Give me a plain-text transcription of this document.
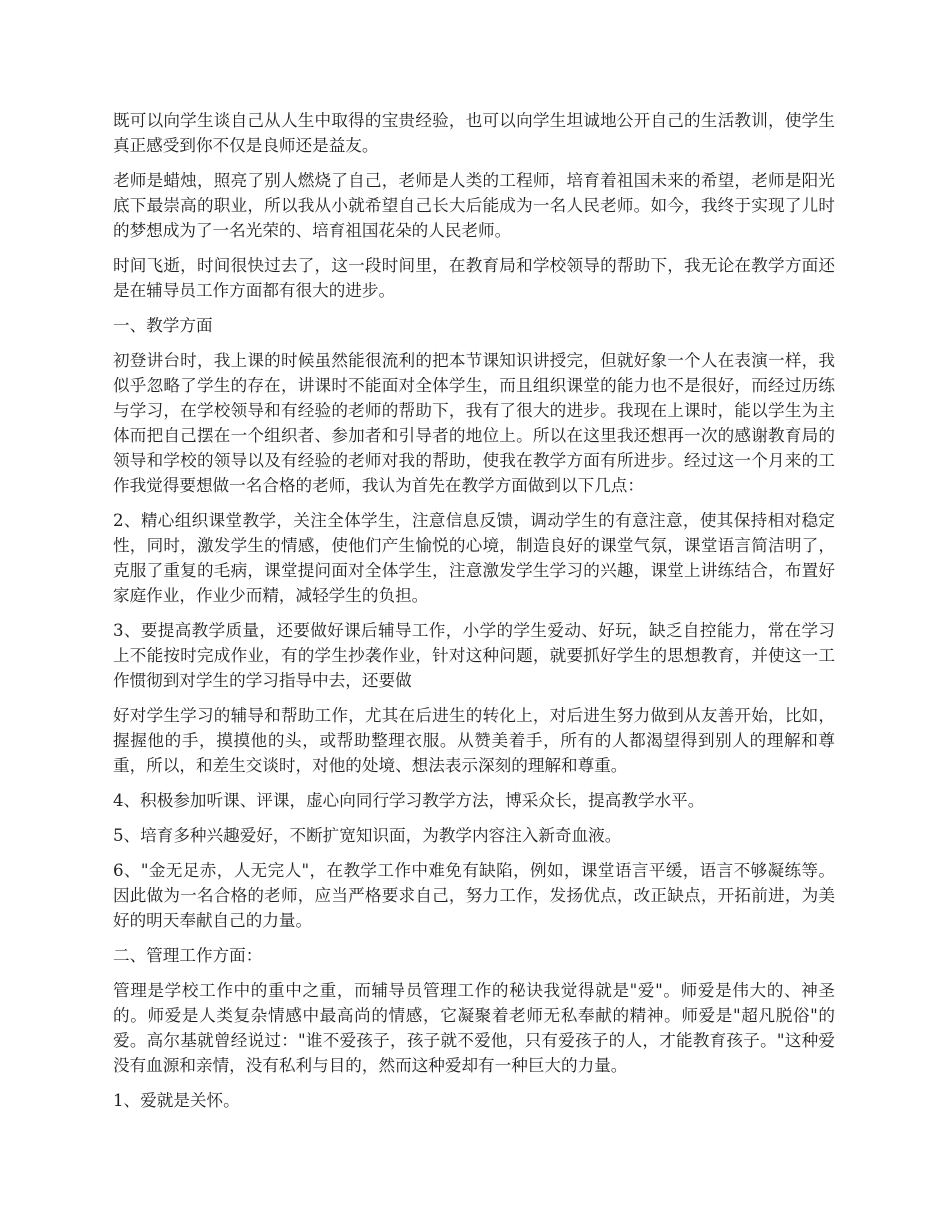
既可以向学生谈自己从人生中取得的宝贵经验，也可以向学生坦诚地公开自己的生活教训，使学生真正感受到你不仅是良师还是益友。

老师是蜡烛，照亮了别人燃烧了自己，老师是人类的工程师，培育着祖国未来的希望，老师是阳光底下最崇高的职业，所以我从小就希望自己长大后能成为一名人民老师。如今，我终于实现了儿时的梦想成为了一名光荣的、培育祖国花朵的人民老师。

时间飞逝，时间很快过去了，这一段时间里，在教育局和学校领导的帮助下，我无论在教学方面还是在辅导员工作方面都有很大的进步。

一、教学方面

初登讲台时，我上课的时候虽然能很流利的把本节课知识讲授完，但就好象一个人在表演一样，我似乎忽略了学生的存在，讲课时不能面对全体学生，而且组织课堂的能力也不是很好，而经过历练与学习，在学校领导和有经验的老师的帮助下，我有了很大的进步。我现在上课时，能以学生为主体而把自己摆在一个组织者、参加者和引导者的地位上。所以在这里我还想再一次的感谢教育局的领导和学校的领导以及有经验的老师对我的帮助，使我在教学方面有所进步。经过这一个月来的工作我觉得要想做一名合格的老师，我认为首先在教学方面做到以下几点：

2、精心组织课堂教学，关注全体学生，注意信息反馈，调动学生的有意注意，使其保持相对稳定性，同时，激发学生的情感，使他们产生愉悦的心境，制造良好的课堂气氛，课堂语言简洁明了，克服了重复的毛病，课堂提问面对全体学生，注意激发学生学习的兴趣，课堂上讲练结合，布置好家庭作业，作业少而精，减轻学生的负担。

3、要提高教学质量，还要做好课后辅导工作，小学的学生爱动、好玩，缺乏自控能力，常在学习上不能按时完成作业，有的学生抄袭作业，针对这种问题，就要抓好学生的思想教育，并使这一工作惯彻到对学生的学习指导中去，还要做

好对学生学习的辅导和帮助工作，尤其在后进生的转化上，对后进生努力做到从友善开始，比如，握握他的手，摸摸他的头，或帮助整理衣服。从赞美着手，所有的人都渴望得到别人的理解和尊重，所以，和差生交谈时，对他的处境、想法表示深刻的理解和尊重。

4、积极参加听课、评课，虚心向同行学习教学方法，博采众长，提高教学水平。

5、培育多种兴趣爱好，不断扩宽知识面，为教学内容注入新奇血液。

6、"金无足赤，人无完人"，在教学工作中难免有缺陷，例如，课堂语言平缓，语言不够凝练等。因此做为一名合格的老师，应当严格要求自己，努力工作，发扬优点，改正缺点，开拓前进，为美好的明天奉献自己的力量。

二、管理工作方面：

管理是学校工作中的重中之重，而辅导员管理工作的秘诀我觉得就是"爱"。师爱是伟大的、神圣的。师爱是人类复杂情感中最高尚的情感，它凝聚着老师无私奉献的精神。师爱是"超凡脱俗"的爱。高尔基就曾经说过："谁不爱孩子，孩子就不爱他，只有爱孩子的人，才能教育孩子。"这种爱没有血源和亲情，没有私利与目的，然而这种爱却有一种巨大的力量。

1、爱就是关怀。
